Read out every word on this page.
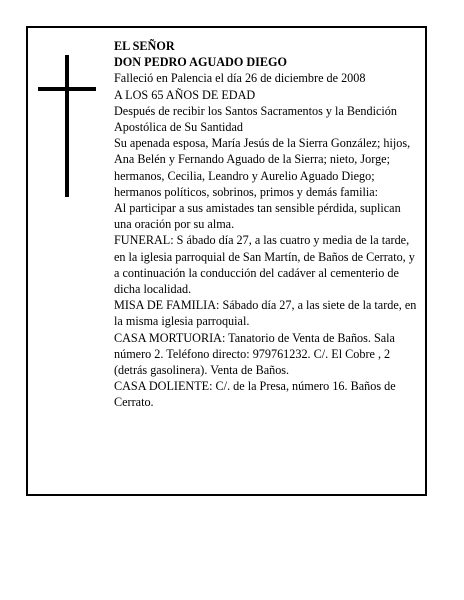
EL SEÑOR

DON PEDRO AGUADO DIEGO

Falleció en Palencia el día 26 de diciembre de 2008

A LOS 65 AÑOS DE EDAD

Después de recibir los Santos Sacramentos y la Bendición Apostólica de Su Santidad

Su apenada esposa, María Jesús de la Sierra González; hijos, Ana Belén y Fernando Aguado de la Sierra; nieto, Jorge; hermanos, Cecilia, Leandro y Aurelio Aguado Diego; hermanos políticos, sobrinos, primos y demás familia:

Al participar a sus amistades tan sensible pérdida, suplican una oración por su alma.

FUNERAL: S ábado día 27, a las cuatro y media de la tarde, en la iglesia parroquial de San Martín, de Baños de Cerrato, y a continuación la conducción del cadáver al cementerio de dicha localidad.

MISA DE FAMILIA: Sábado día 27, a las siete de la tarde, en la misma iglesia parroquial.

CASA MORTUORIA: Tanatorio de Venta de Baños. Sala número 2. Teléfono directo: 979761232. C/. El Cobre , 2 (detrás gasolinera). Venta de Baños.

CASA DOLIENTE: C/. de la Presa, número 16. Baños de Cerrato.
